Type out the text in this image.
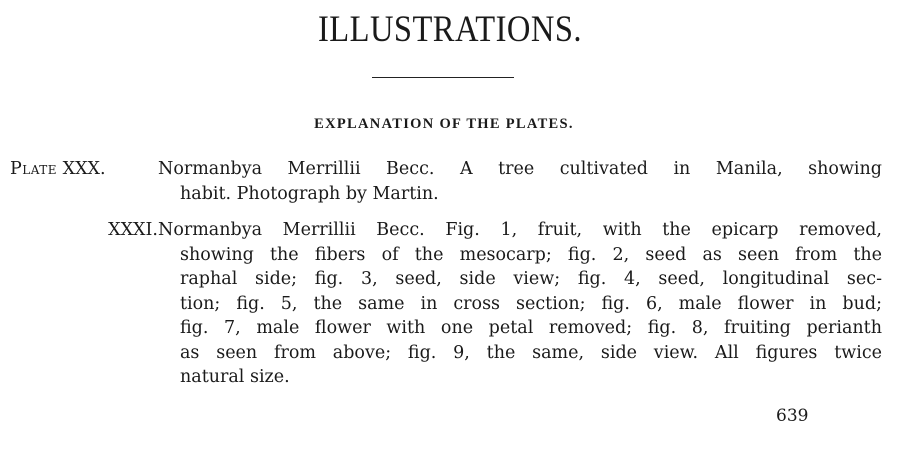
ILLUSTRATIONS.
EXPLANATION OF THE PLATES.
Plate XXX.	Normanbya Merrillii Becc. A tree cultivated in Manila, showing
habit. Photograph by Martin.
XXXI.Normanbya Merrillii Becc. Fig. 1, fruit, with the epicarp removed,
showing the fibers of the mesocarp; fig. 2, seed as seen from the
raphal side; fig. 3, seed, side view; fig. 4, seed, longitudinal sec-
tion; fig. 5, the same in cross section; fig. 6, male flower in bud;
fig. 7, male flower with one petal removed; fig. 8, fruiting perianth
as seen from above; fig. 9, the same, side view. All figures twice
natural size.
639
